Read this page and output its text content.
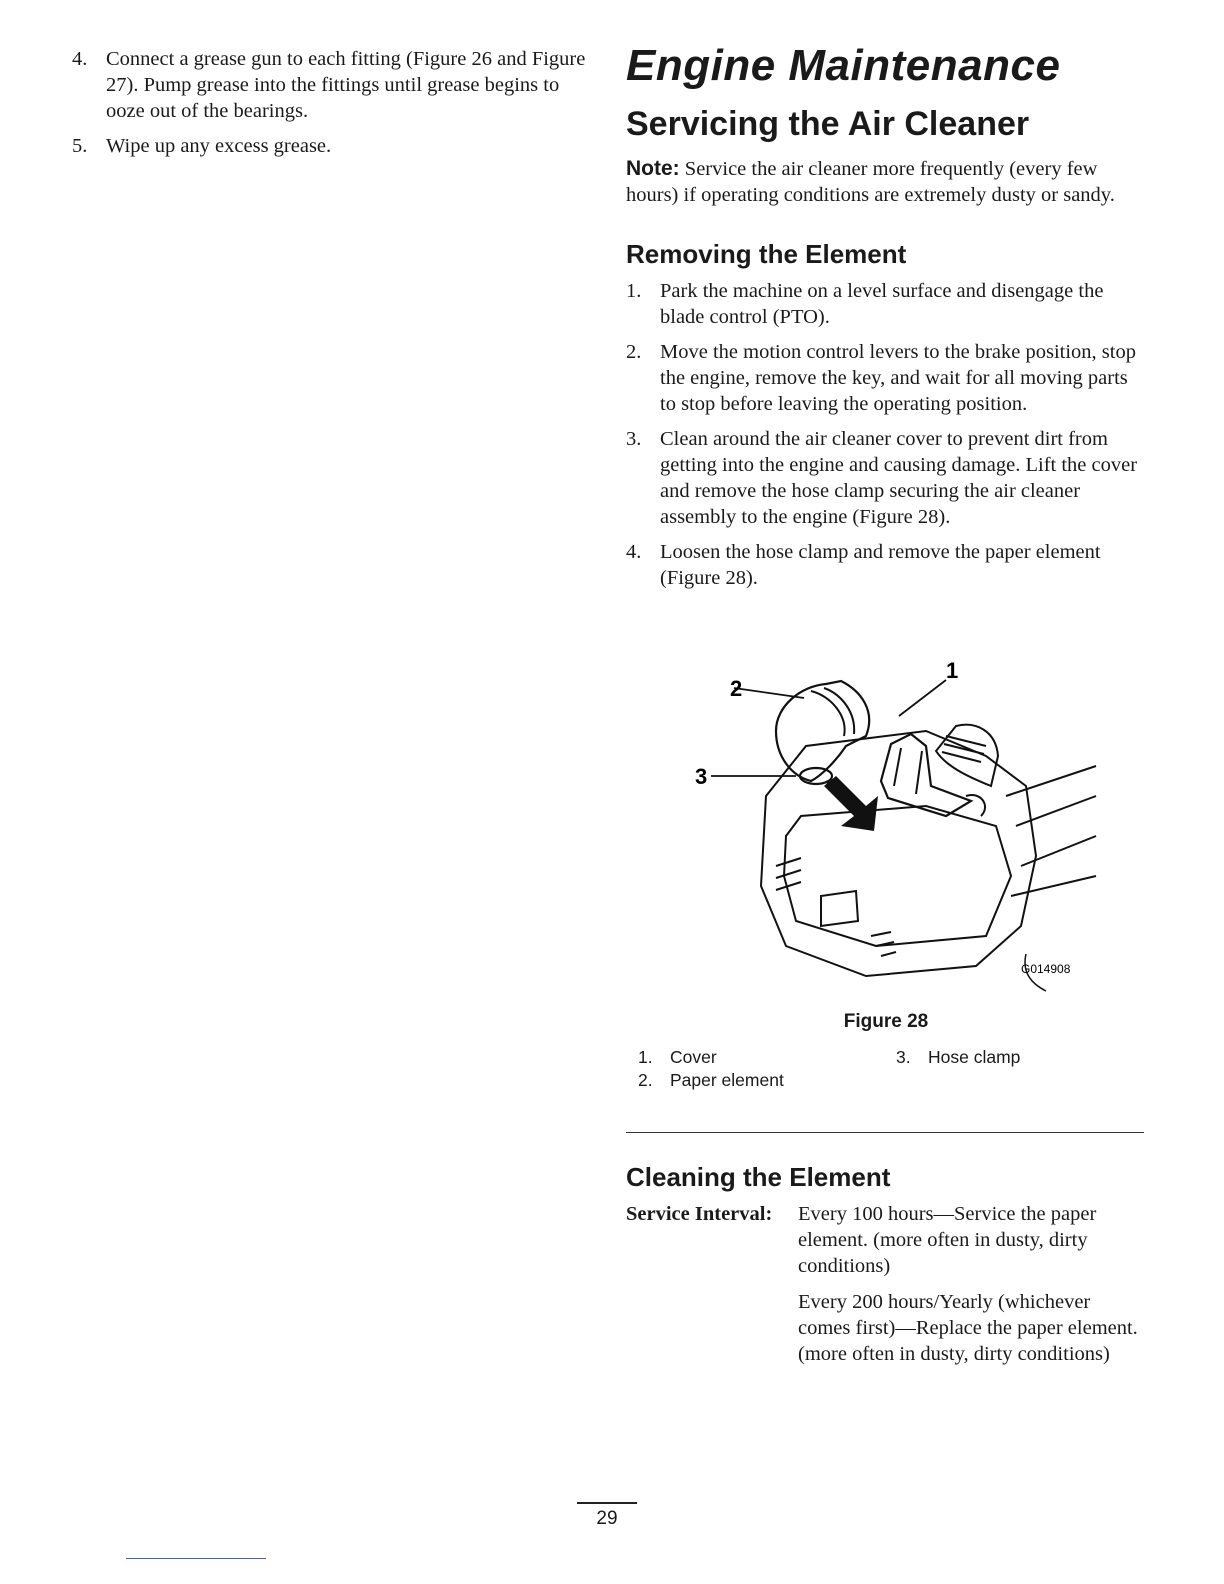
4. Connect a grease gun to each fitting (Figure 26 and Figure 27). Pump grease into the fittings until grease begins to ooze out of the bearings.
5. Wipe up any excess grease.
Engine Maintenance
Servicing the Air Cleaner
Note: Service the air cleaner more frequently (every few hours) if operating conditions are extremely dusty or sandy.
Removing the Element
1. Park the machine on a level surface and disengage the blade control (PTO).
2. Move the motion control levers to the brake position, stop the engine, remove the key, and wait for all moving parts to stop before leaving the operating position.
3. Clean around the air cleaner cover to prevent dirt from getting into the engine and causing damage. Lift the cover and remove the hose clamp securing the air cleaner assembly to the engine (Figure 28).
4. Loosen the hose clamp and remove the paper element (Figure 28).
1
2
3
G014908
Figure 28
1. Cover
2. Paper element
3. Hose clamp
Cleaning the Element
Service Interval:	Every 100 hours—Service the paper element. (more often in dusty, dirty conditions)
Every 200 hours/Yearly (whichever comes first)—Replace the paper element. (more often in dusty, dirty conditions)
29
